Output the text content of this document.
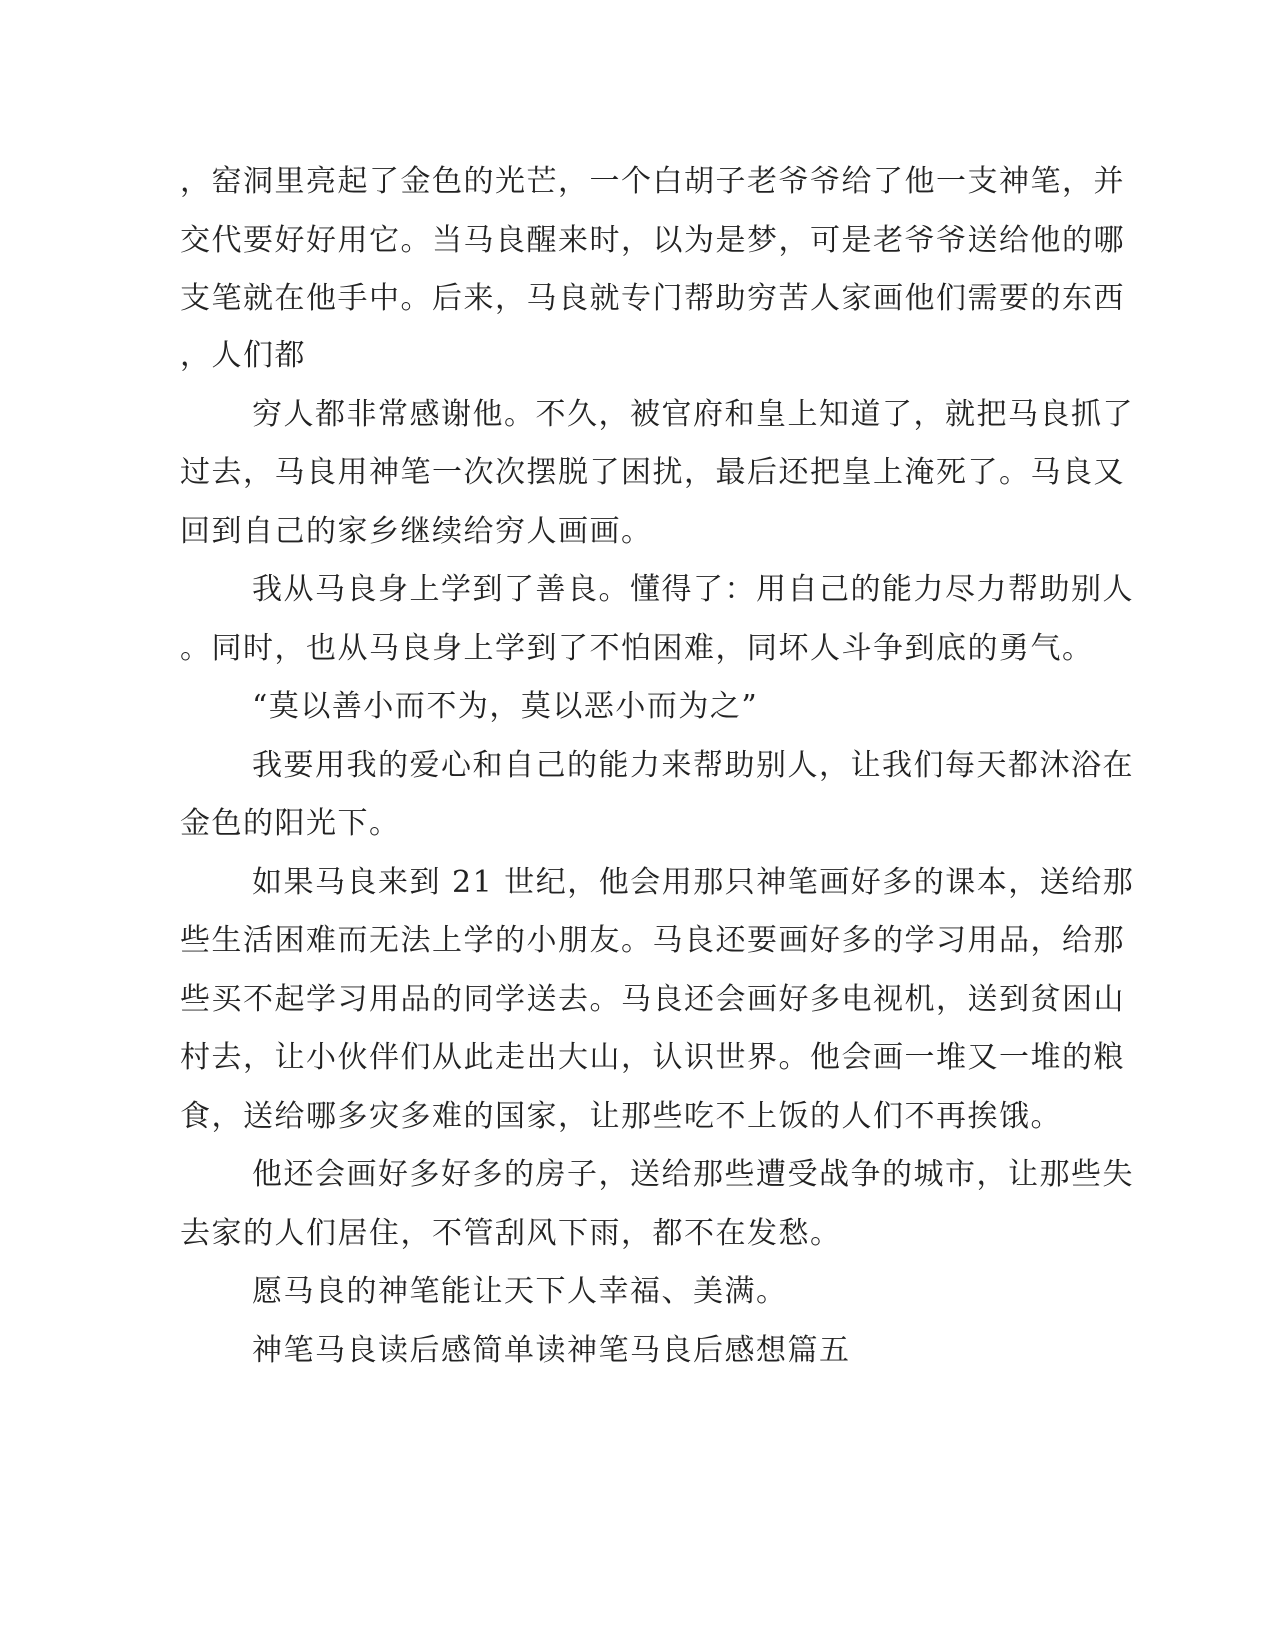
，窑洞里亮起了金色的光芒，一个白胡子老爷爷给了他一支神笔，并
交代要好好用它。当马良醒来时，以为是梦，可是老爷爷送给他的哪
支笔就在他手中。后来，马良就专门帮助穷苦人家画他们需要的东西
，人们都
穷人都非常感谢他。不久，被官府和皇上知道了，就把马良抓了
过去，马良用神笔一次次摆脱了困扰，最后还把皇上淹死了。马良又
回到自己的家乡继续给穷人画画。
我从马良身上学到了善良。懂得了：用自己的能力尽力帮助别人
。同时，也从马良身上学到了不怕困难，同坏人斗争到底的勇气。
“莫以善小而不为，莫以恶小而为之”
我要用我的爱心和自己的能力来帮助别人，让我们每天都沐浴在
金色的阳光下。
如果马良来到 21 世纪，他会用那只神笔画好多的课本，送给那
些生活困难而无法上学的小朋友。马良还要画好多的学习用品，给那
些买不起学习用品的同学送去。马良还会画好多电视机，送到贫困山
村去，让小伙伴们从此走出大山，认识世界。他会画一堆又一堆的粮
食，送给哪多灾多难的国家，让那些吃不上饭的人们不再挨饿。
他还会画好多好多的房子，送给那些遭受战争的城市，让那些失
去家的人们居住，不管刮风下雨，都不在发愁。
愿马良的神笔能让天下人幸福、美满。
神笔马良读后感简单读神笔马良后感想篇五
